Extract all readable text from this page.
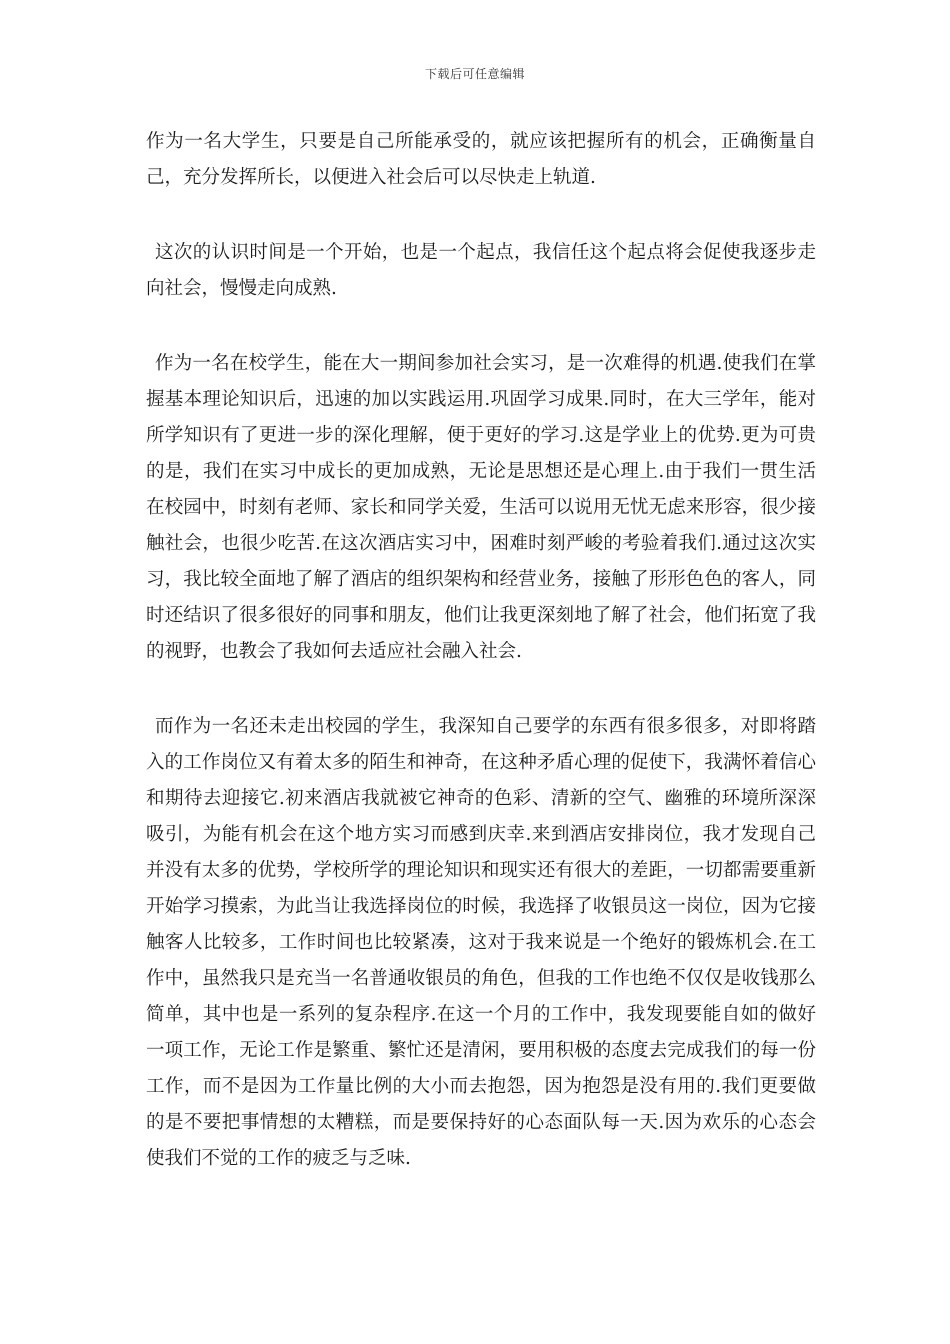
下载后可任意编辑

作为一名大学生，只要是自己所能承受的，就应该把握所有的机会，正确衡量自己，充分发挥所长，以便进入社会后可以尽快走上轨道.

这次的认识时间是一个开始，也是一个起点，我信任这个起点将会促使我逐步走向社会，慢慢走向成熟.

作为一名在校学生，能在大一期间参加社会实习，是一次难得的机遇.使我们在掌握基本理论知识后，迅速的加以实践运用.巩固学习成果.同时，在大三学年，能对所学知识有了更进一步的深化理解，便于更好的学习.这是学业上的优势.更为可贵的是，我们在实习中成长的更加成熟，无论是思想还是心理上.由于我们一贯生活在校园中，时刻有老师、家长和同学关爱，生活可以说用无忧无虑来形容，很少接触社会，也很少吃苦.在这次酒店实习中，困难时刻严峻的考验着我们.通过这次实习，我比较全面地了解了酒店的组织架构和经营业务，接触了形形色色的客人，同时还结识了很多很好的同事和朋友，他们让我更深刻地了解了社会，他们拓宽了我的视野，也教会了我如何去适应社会融入社会.

而作为一名还未走出校园的学生，我深知自己要学的东西有很多很多，对即将踏入的工作岗位又有着太多的陌生和神奇，在这种矛盾心理的促使下，我满怀着信心和期待去迎接它.初来酒店我就被它神奇的色彩、清新的空气、幽雅的环境所深深吸引，为能有机会在这个地方实习而感到庆幸.来到酒店安排岗位，我才发现自己并没有太多的优势，学校所学的理论知识和现实还有很大的差距，一切都需要重新开始学习摸索，为此当让我选择岗位的时候，我选择了收银员这一岗位，因为它接触客人比较多，工作时间也比较紧凑，这对于我来说是一个绝好的锻炼机会.在工作中，虽然我只是充当一名普通收银员的角色，但我的工作也绝不仅仅是收钱那么简单，其中也是一系列的复杂程序.在这一个月的工作中，我发现要能自如的做好一项工作，无论工作是繁重、繁忙还是清闲，要用积极的态度去完成我们的每一份工作，而不是因为工作量比例的大小而去抱怨，因为抱怨是没有用的.我们更要做的是不要把事情想的太糟糕，而是要保持好的心态面队每一天.因为欢乐的心态会使我们不觉的工作的疲乏与乏味.
